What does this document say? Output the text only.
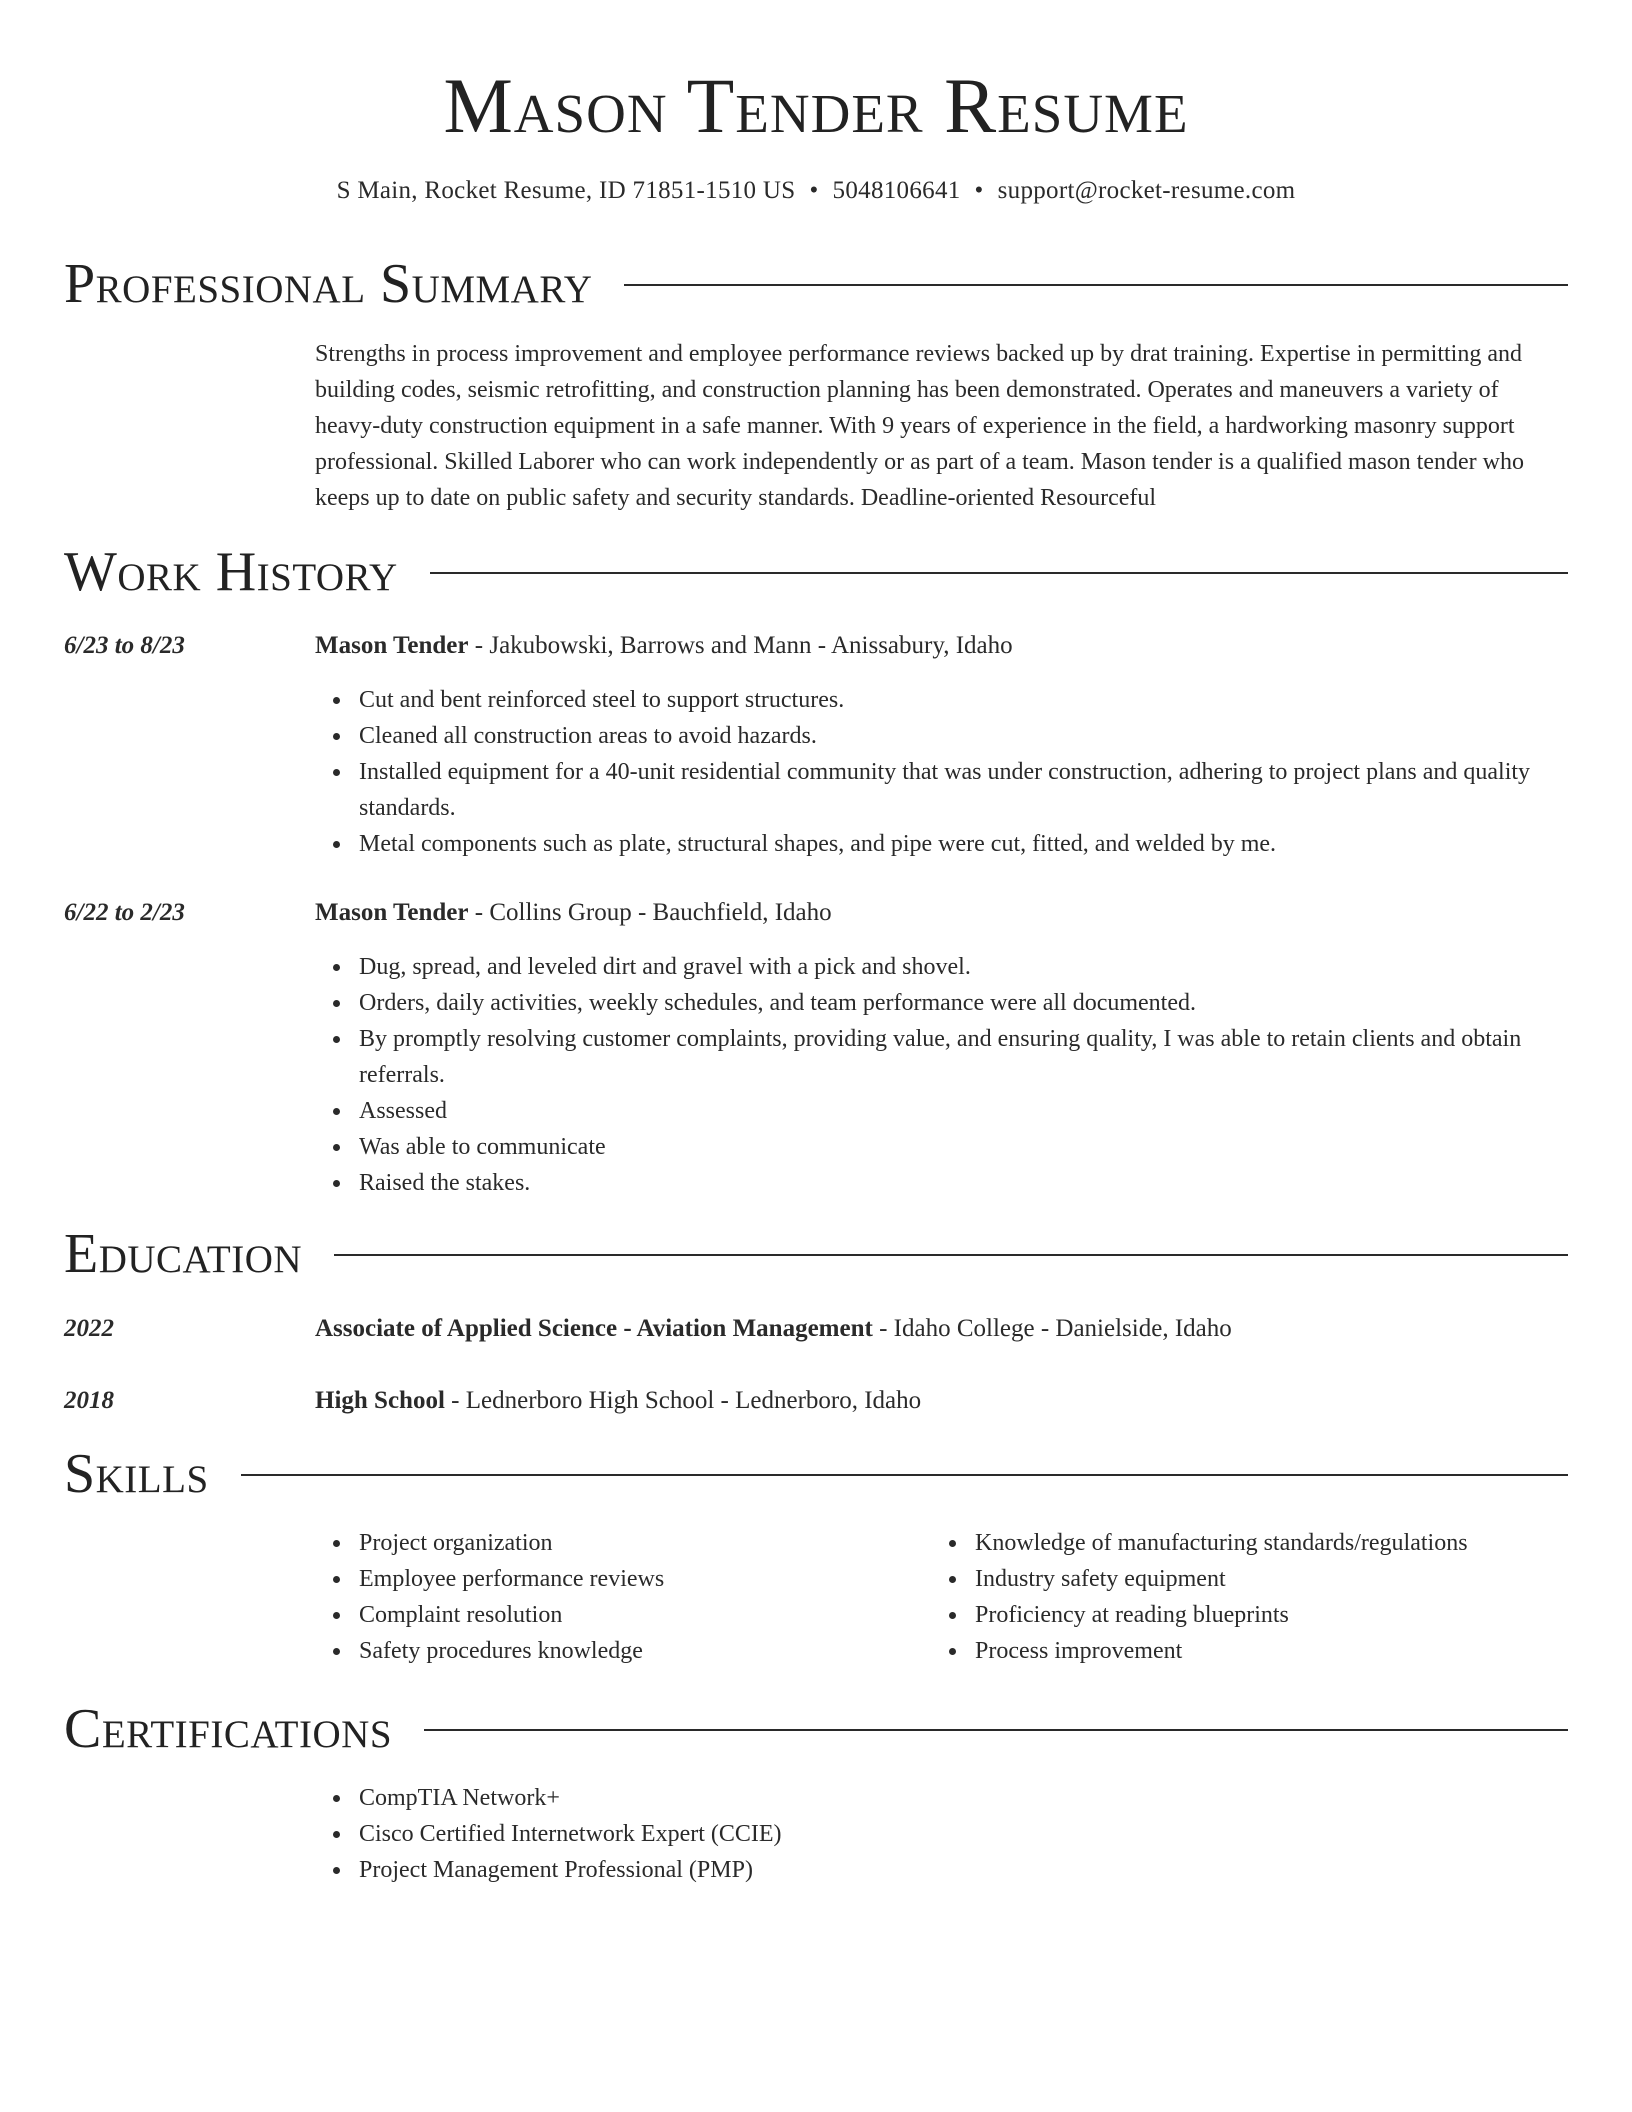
Mason Tender Resume
S Main, Rocket Resume, ID 71851-1510 US • 5048106641 • support@rocket-resume.com
Professional Summary
Strengths in process improvement and employee performance reviews backed up by drat training. Expertise in permitting and building codes, seismic retrofitting, and construction planning has been demonstrated. Operates and maneuvers a variety of heavy-duty construction equipment in a safe manner. With 9 years of experience in the field, a hardworking masonry support professional. Skilled Laborer who can work independently or as part of a team. Mason tender is a qualified mason tender who keeps up to date on public safety and security standards. Deadline-oriented Resourceful
Work History
6/23 to 8/23	Mason Tender - Jakubowski, Barrows and Mann - Anissabury, Idaho
Cut and bent reinforced steel to support structures.
Cleaned all construction areas to avoid hazards.
Installed equipment for a 40-unit residential community that was under construction, adhering to project plans and quality standards.
Metal components such as plate, structural shapes, and pipe were cut, fitted, and welded by me.
6/22 to 2/23	Mason Tender - Collins Group - Bauchfield, Idaho
Dug, spread, and leveled dirt and gravel with a pick and shovel.
Orders, daily activities, weekly schedules, and team performance were all documented.
By promptly resolving customer complaints, providing value, and ensuring quality, I was able to retain clients and obtain referrals.
Assessed
Was able to communicate
Raised the stakes.
Education
2022	Associate of Applied Science - Aviation Management - Idaho College - Danielside, Idaho
2018	High School - Lednerboro High School - Lednerboro, Idaho
Skills
Project organization
Employee performance reviews
Complaint resolution
Safety procedures knowledge
Knowledge of manufacturing standards/regulations
Industry safety equipment
Proficiency at reading blueprints
Process improvement
Certifications
CompTIA Network+
Cisco Certified Internetwork Expert (CCIE)
Project Management Professional (PMP)
